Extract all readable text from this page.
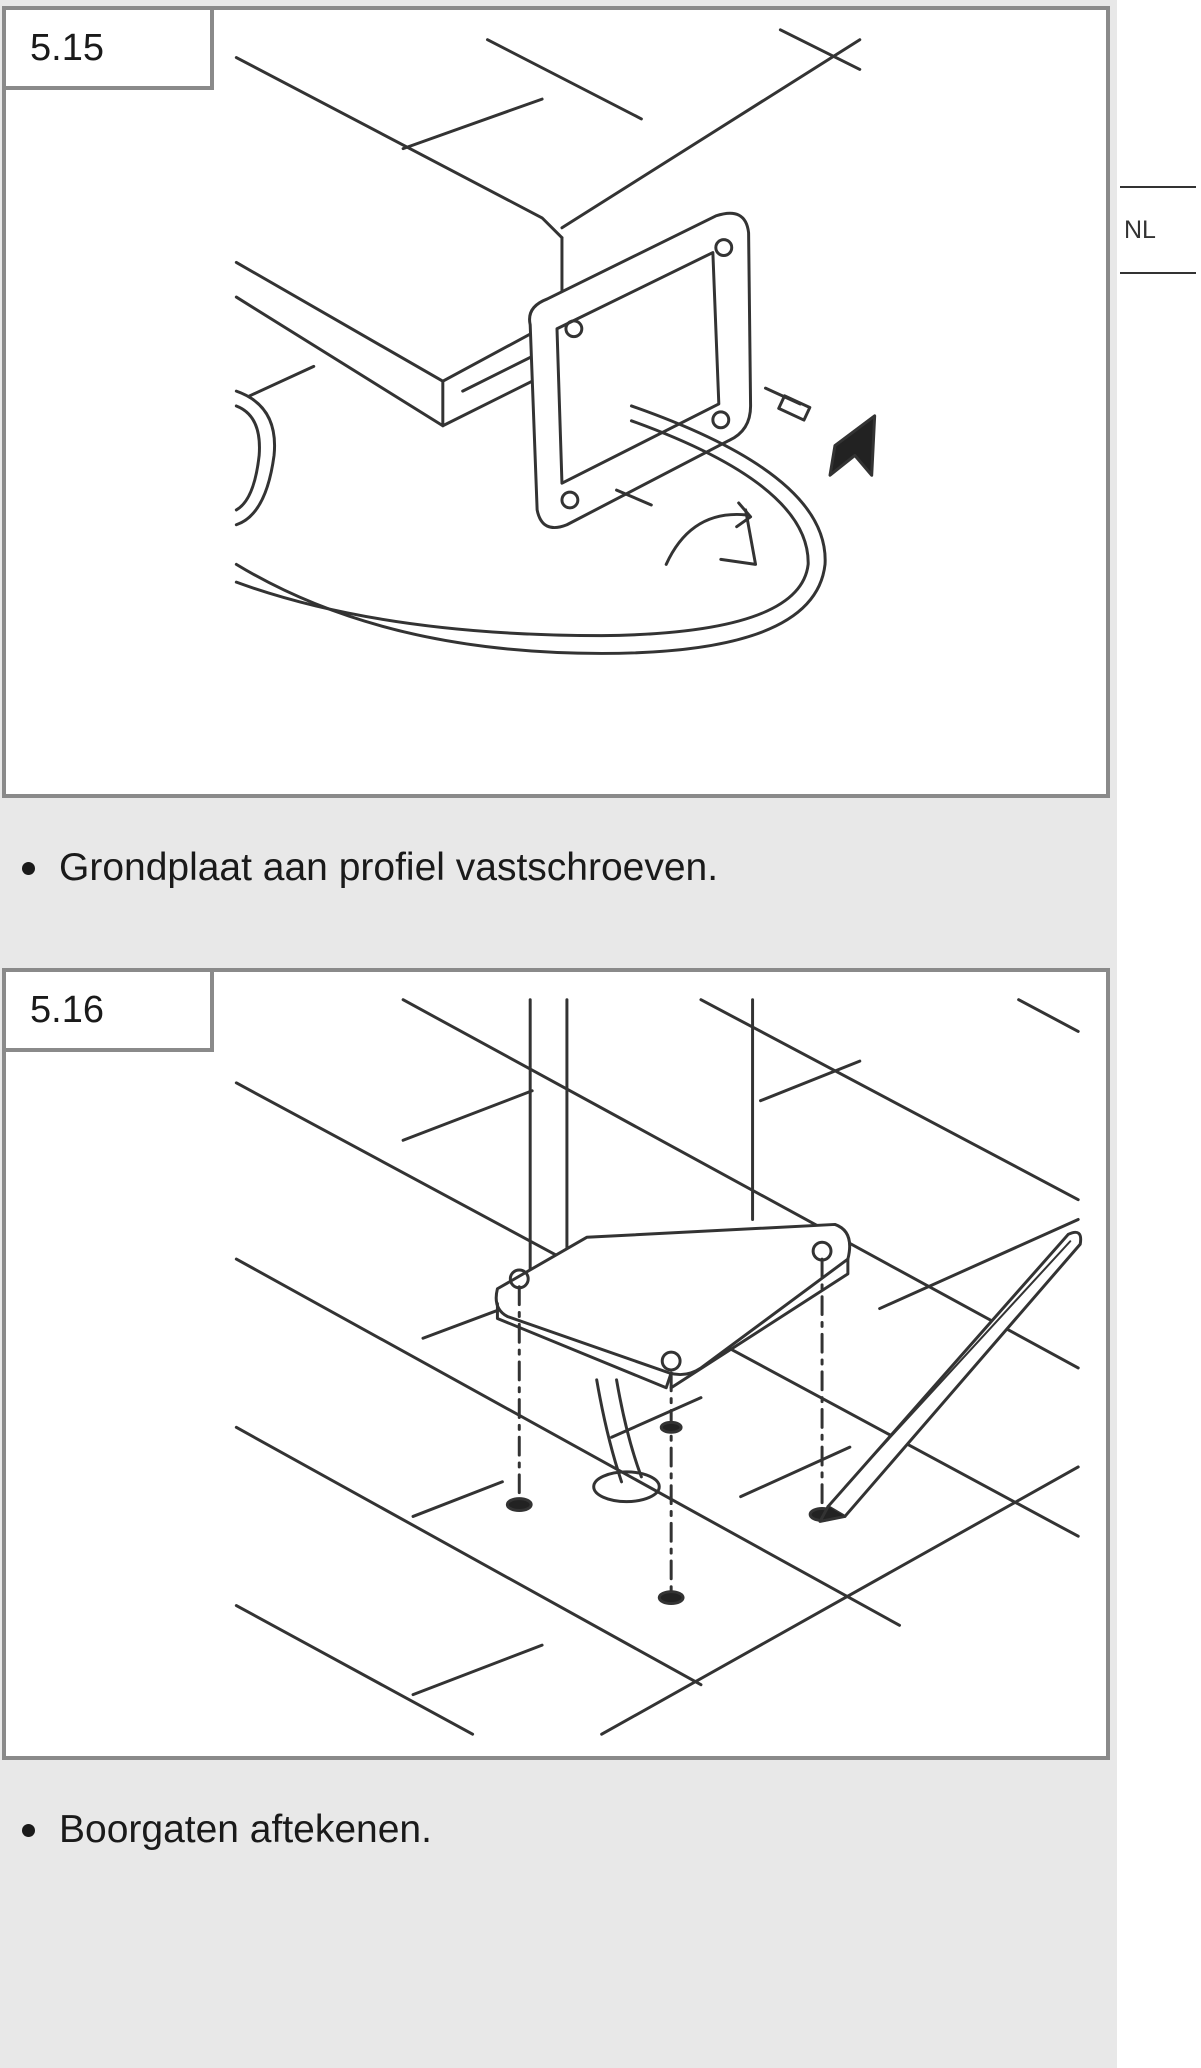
NL
5.15
Grondplaat aan profiel vastschroeven.
5.16
Boorgaten aftekenen.
